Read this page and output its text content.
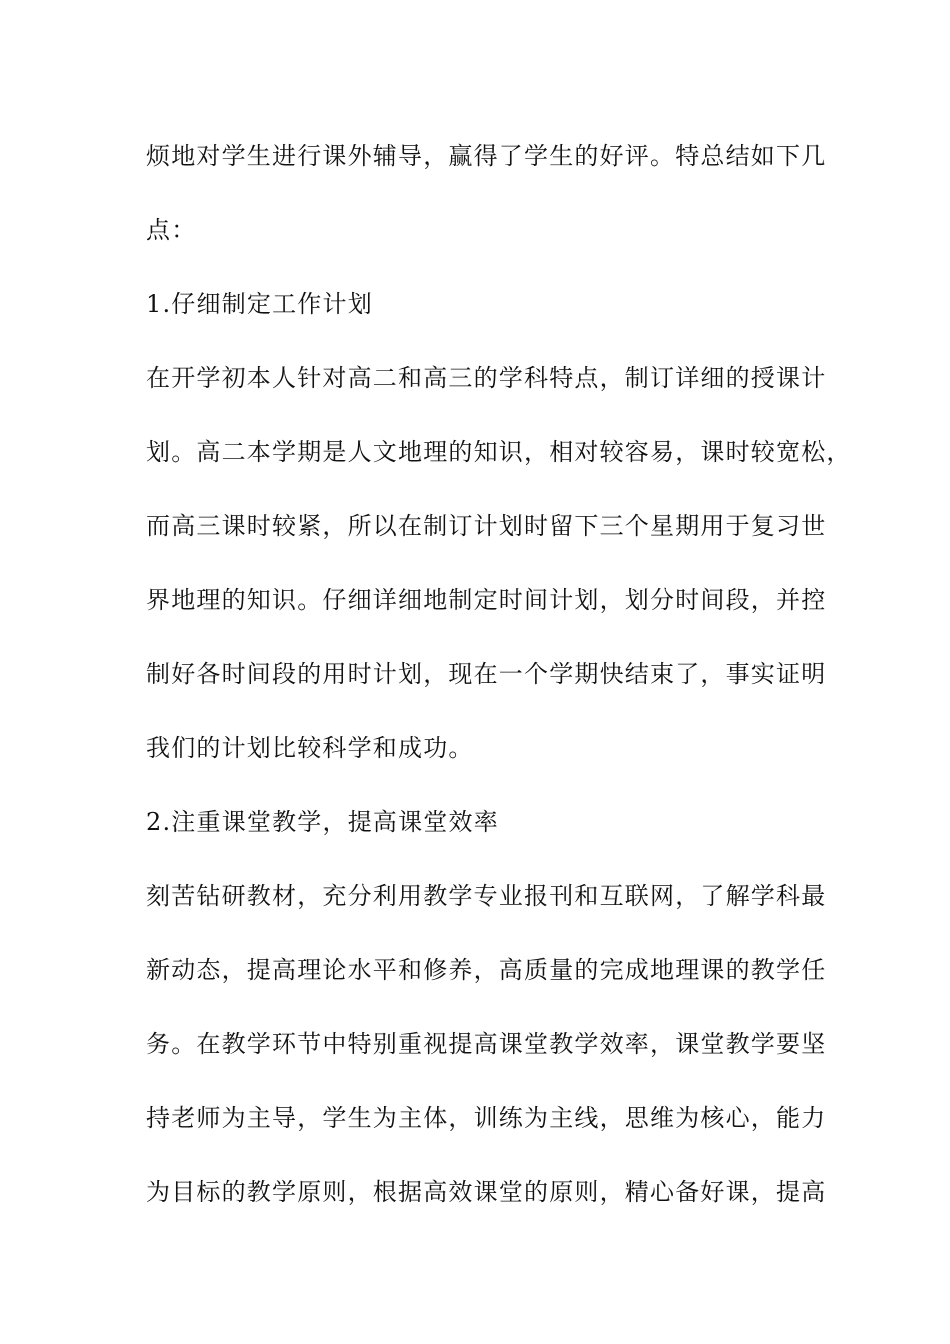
烦地对学生进行课外辅导，赢得了学生的好评。特总结如下几
点：
1.仔细制定工作计划
在开学初本人针对高二和高三的学科特点，制订详细的授课计
划。高二本学期是人文地理的知识，相对较容易，课时较宽松，
而高三课时较紧，所以在制订计划时留下三个星期用于复习世
界地理的知识。仔细详细地制定时间计划，划分时间段，并控
制好各时间段的用时计划，现在一个学期快结束了，事实证明
我们的计划比较科学和成功。
2.注重课堂教学，提高课堂效率
刻苦钻研教材，充分利用教学专业报刊和互联网，了解学科最
新动态，提高理论水平和修养，高质量的完成地理课的教学任
务。在教学环节中特别重视提高课堂教学效率，课堂教学要坚
持老师为主导，学生为主体，训练为主线，思维为核心，能力
为目标的教学原则，根据高效课堂的原则，精心备好课，提高
